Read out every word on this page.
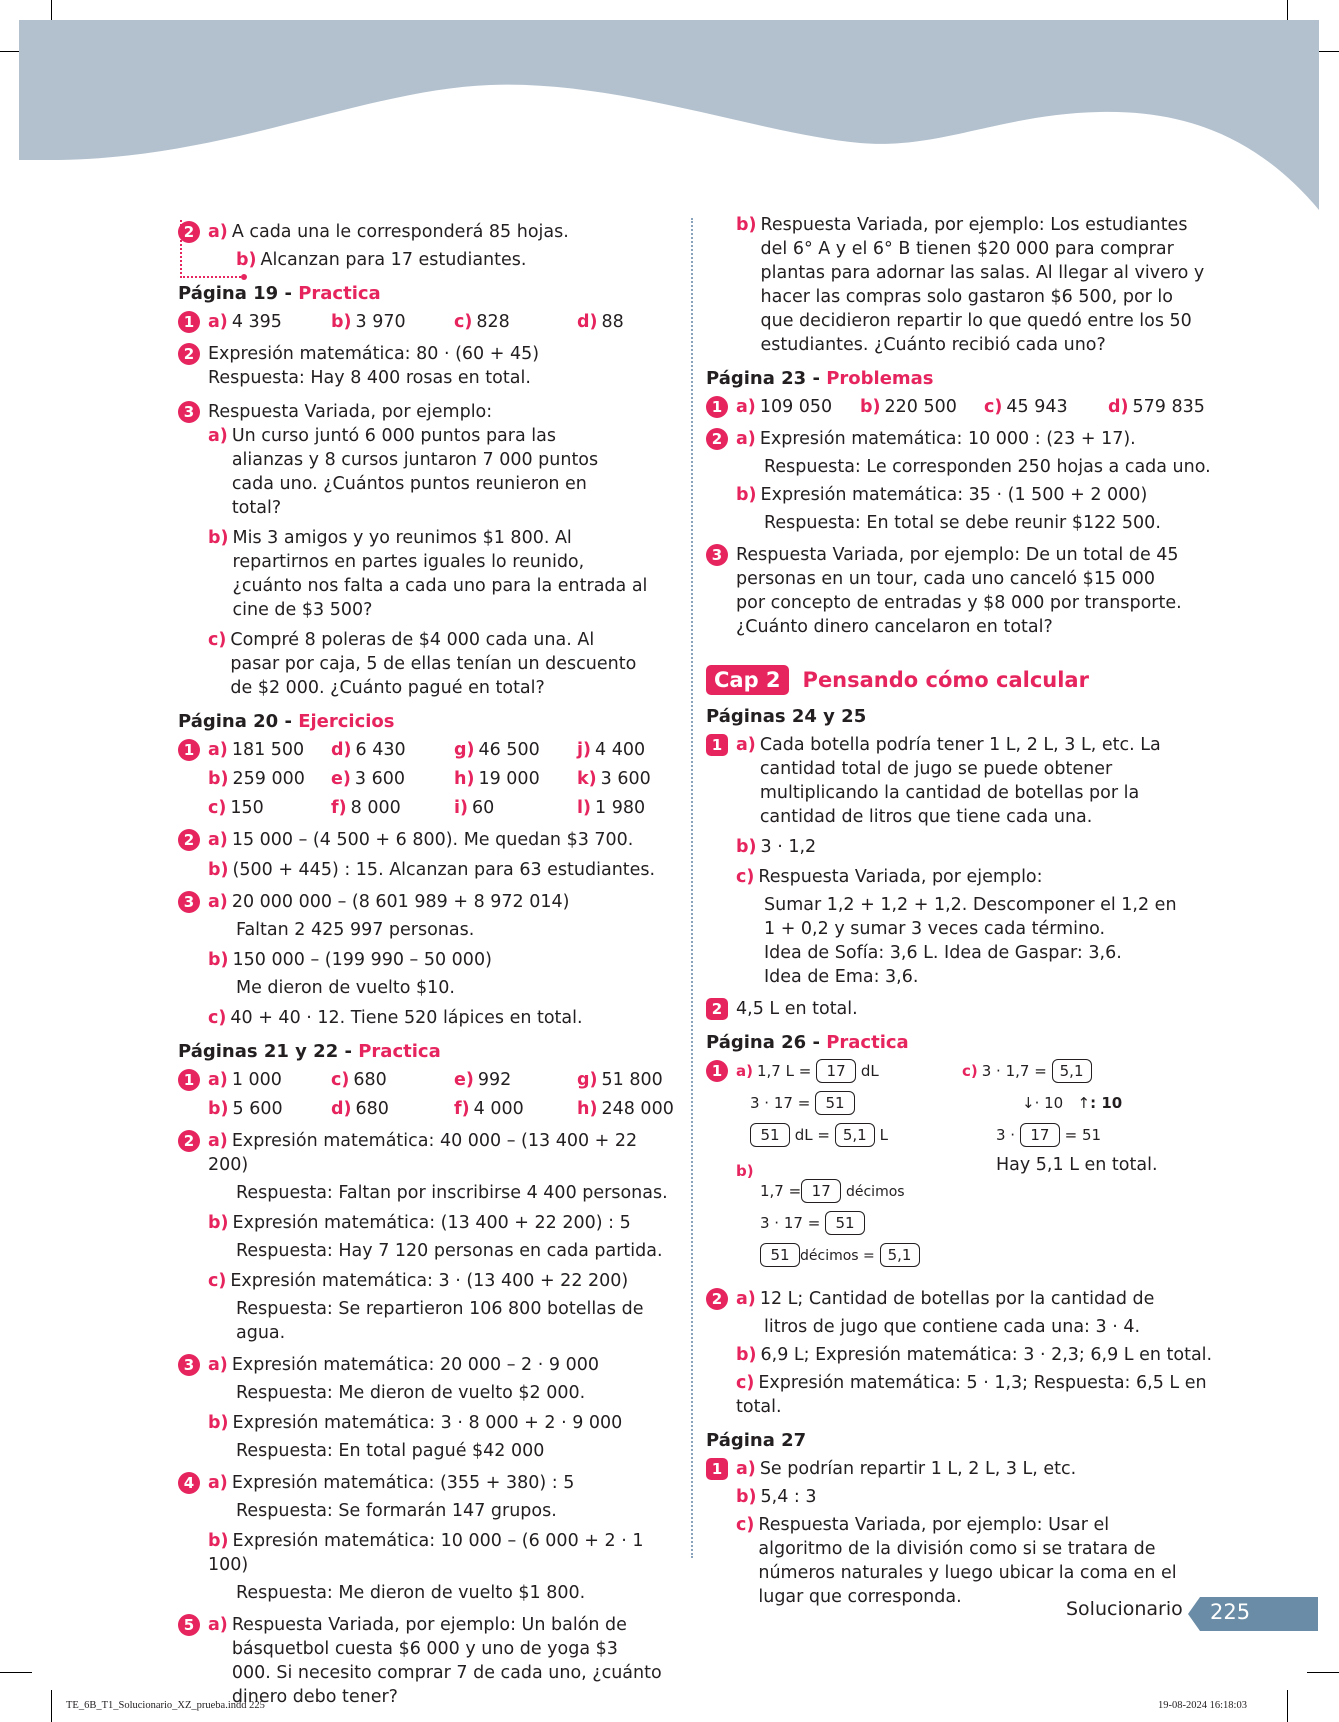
2 a) A cada una le corresponderá 85 hojas.
b) Alcanzan para 17 estudiantes.
Página 19 - Practica
1 a) 4 395	b) 3 970	c) 828	d) 88
2 Expresión matemática: 80 · (60 + 45)
Respuesta: Hay 8 400 rosas en total.
3 Respuesta Variada, por ejemplo:
a) Un curso juntó 6 000 puntos para las alianzas y 8 cursos juntaron 7 000 puntos cada uno. ¿Cuántos puntos reunieron en total?
b) Mis 3 amigos y yo reunimos $1 800. Al repartirnos en partes iguales lo reunido, ¿cuánto nos falta a cada uno para la entrada al cine de $3 500?
c) Compré 8 poleras de $4 000 cada una. Al pasar por caja, 5 de ellas tenían un descuento de $2 000. ¿Cuánto pagué en total?
Página 20 - Ejercicios
1 a) 181 500	d) 6 430	g) 46 500	j) 4 400
b) 259 000	e) 3 600	h) 19 000	k) 3 600
c) 150	f) 8 000	i) 60	l) 1 980
2 a) 15 000 – (4 500 + 6 800). Me quedan $3 700.
b) (500 + 445) : 15. Alcanzan para 63 estudiantes.
3 a) 20 000 000 – (8 601 989 + 8 972 014)
Faltan 2 425 997 personas.
b) 150 000 – (199 990 – 50 000)
Me dieron de vuelto $10.
c) 40 + 40 · 12. Tiene 520 lápices en total.
Páginas 21 y 22 - Practica
1 a) 1 000	c) 680	e) 992	g) 51 800
b) 5 600	d) 680	f) 4 000	h) 248 000
2 a) Expresión matemática: 40 000 – (13 400 + 22 200)
Respuesta: Faltan por inscribirse 4 400 personas.
b) Expresión matemática: (13 400 + 22 200) : 5
Respuesta: Hay 7 120 personas en cada partida.
c) Expresión matemática: 3 · (13 400 + 22 200)
Respuesta: Se repartieron 106 800 botellas de agua.
3 a) Expresión matemática: 20 000 – 2 · 9 000
Respuesta: Me dieron de vuelto $2 000.
b) Expresión matemática: 3 · 8 000 + 2 · 9 000
Respuesta: En total pagué $42 000
4 a) Expresión matemática: (355 + 380) : 5
Respuesta: Se formarán 147 grupos.
b) Expresión matemática: 10 000 – (6 000 + 2 · 1 100)
Respuesta: Me dieron de vuelto $1 800.
5 a) Respuesta Variada, por ejemplo: Un balón de básquetbol cuesta $6 000 y uno de yoga $3 000. Si necesito comprar 7 de cada uno, ¿cuánto dinero debo tener?
b) Respuesta Variada, por ejemplo: Los estudiantes del 6° A y el 6° B tienen $20 000 para comprar plantas para adornar las salas. Al llegar al vivero y hacer las compras solo gastaron $6 500, por lo que decidieron repartir lo que quedó entre los 50 estudiantes. ¿Cuánto recibió cada uno?
Página 23 - Problemas
1 a) 109 050	b) 220 500	c) 45 943	d) 579 835
2 a) Expresión matemática: 10 000 : (23 + 17).
Respuesta: Le corresponden 250 hojas a cada uno.
b) Expresión matemática: 35 · (1 500 + 2 000)
Respuesta: En total se debe reunir $122 500.
3 Respuesta Variada, por ejemplo: De un total de 45 personas en un tour, cada uno canceló $15 000 por concepto de entradas y $8 000 por transporte. ¿Cuánto dinero cancelaron en total?
Cap 2	Pensando cómo calcular
Páginas 24 y 25
1 a) Cada botella podría tener 1 L, 2 L, 3 L, etc. La cantidad total de jugo se puede obtener multiplicando la cantidad de botellas por la cantidad de litros que tiene cada una.
b) 3 · 1,2
c) Respuesta Variada, por ejemplo:
Sumar 1,2 + 1,2 + 1,2. Descomponer el 1,2 en 1 + 0,2 y sumar 3 veces cada término.
Idea de Sofía: 3,6 L. Idea de Gaspar: 3,6.
Idea de Ema: 3,6.
2 4,5 L en total.
Página 26 - Practica
1 a) 1,7 L = 17 dL
3 · 17 = 51
51 dL = 5,1 L
c) 3 · 1,7 = 5,1
↓· 10 ↑: 10
3 · 17 = 51
Hay 5,1 L en total.
b)
1,7 = 17 décimos
3 · 17 = 51
51 décimos = 5,1
2 a) 12 L; Cantidad de botellas por la cantidad de
litros de jugo que contiene cada una: 3 · 4.
b) 6,9 L; Expresión matemática: 3 · 2,3; 6,9 L en total.
c) Expresión matemática: 5 · 1,3; Respuesta: 6,5 L en total.
Página 27
1 a) Se podrían repartir 1 L, 2 L, 3 L, etc.
b) 5,4 : 3
c) Respuesta Variada, por ejemplo: Usar el algoritmo de la división como si se tratara de números naturales y luego ubicar la coma en el lugar que corresponda.
Solucionario 225
TE_6B_T1_Solucionario_XZ_prueba.indd 225	19-08-2024 16:18:03
